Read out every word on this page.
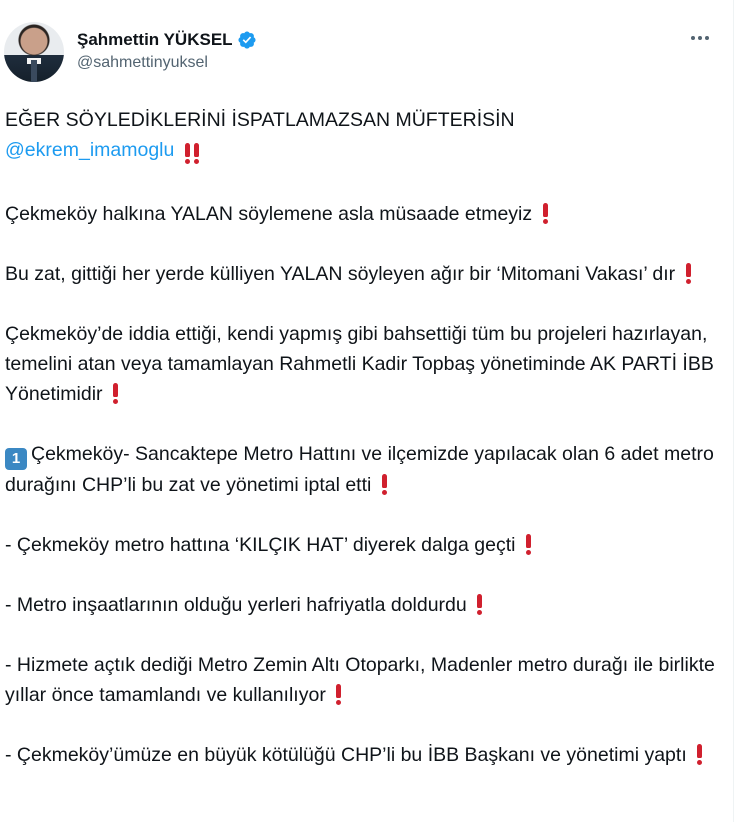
Şahmettin YÜKSEL
@sahmettinyuksel
EĞER SÖYLEDİKLERİNİ İSPATLAMAZSAN MÜFTERİSİN
@ekrem_imamoglu
Çekmeköy halkına YALAN söylemene asla müsaade etmeyiz
Bu zat, gittiği her yerde külliyen YALAN söyleyen ağır bir ‘Mitomani Vakası’ dır
Çekmeköy’de iddia ettiği, kendi yapmış gibi bahsettiği tüm bu projeleri hazırlayan, temelini atan veya tamamlayan Rahmetli Kadir Topbaş yönetiminde AK PARTİ İBB Yönetimidir
1 Çekmeköy- Sancaktepe Metro Hattını ve ilçemizde yapılacak olan 6 adet metro durağını CHP’li bu zat ve yönetimi iptal etti
- Çekmeköy metro hattına ‘KILÇIK HAT’ diyerek dalga geçti
- Metro inşaatlarının olduğu yerleri hafriyatla doldurdu
- Hizmete açtık dediği Metro Zemin Altı Otoparkı, Madenler metro durağı ile birlikte yıllar önce tamamlandı ve kullanılıyor
- Çekmeköy’ümüze en büyük kötülüğü CHP’li bu İBB Başkanı ve yönetimi yaptı
